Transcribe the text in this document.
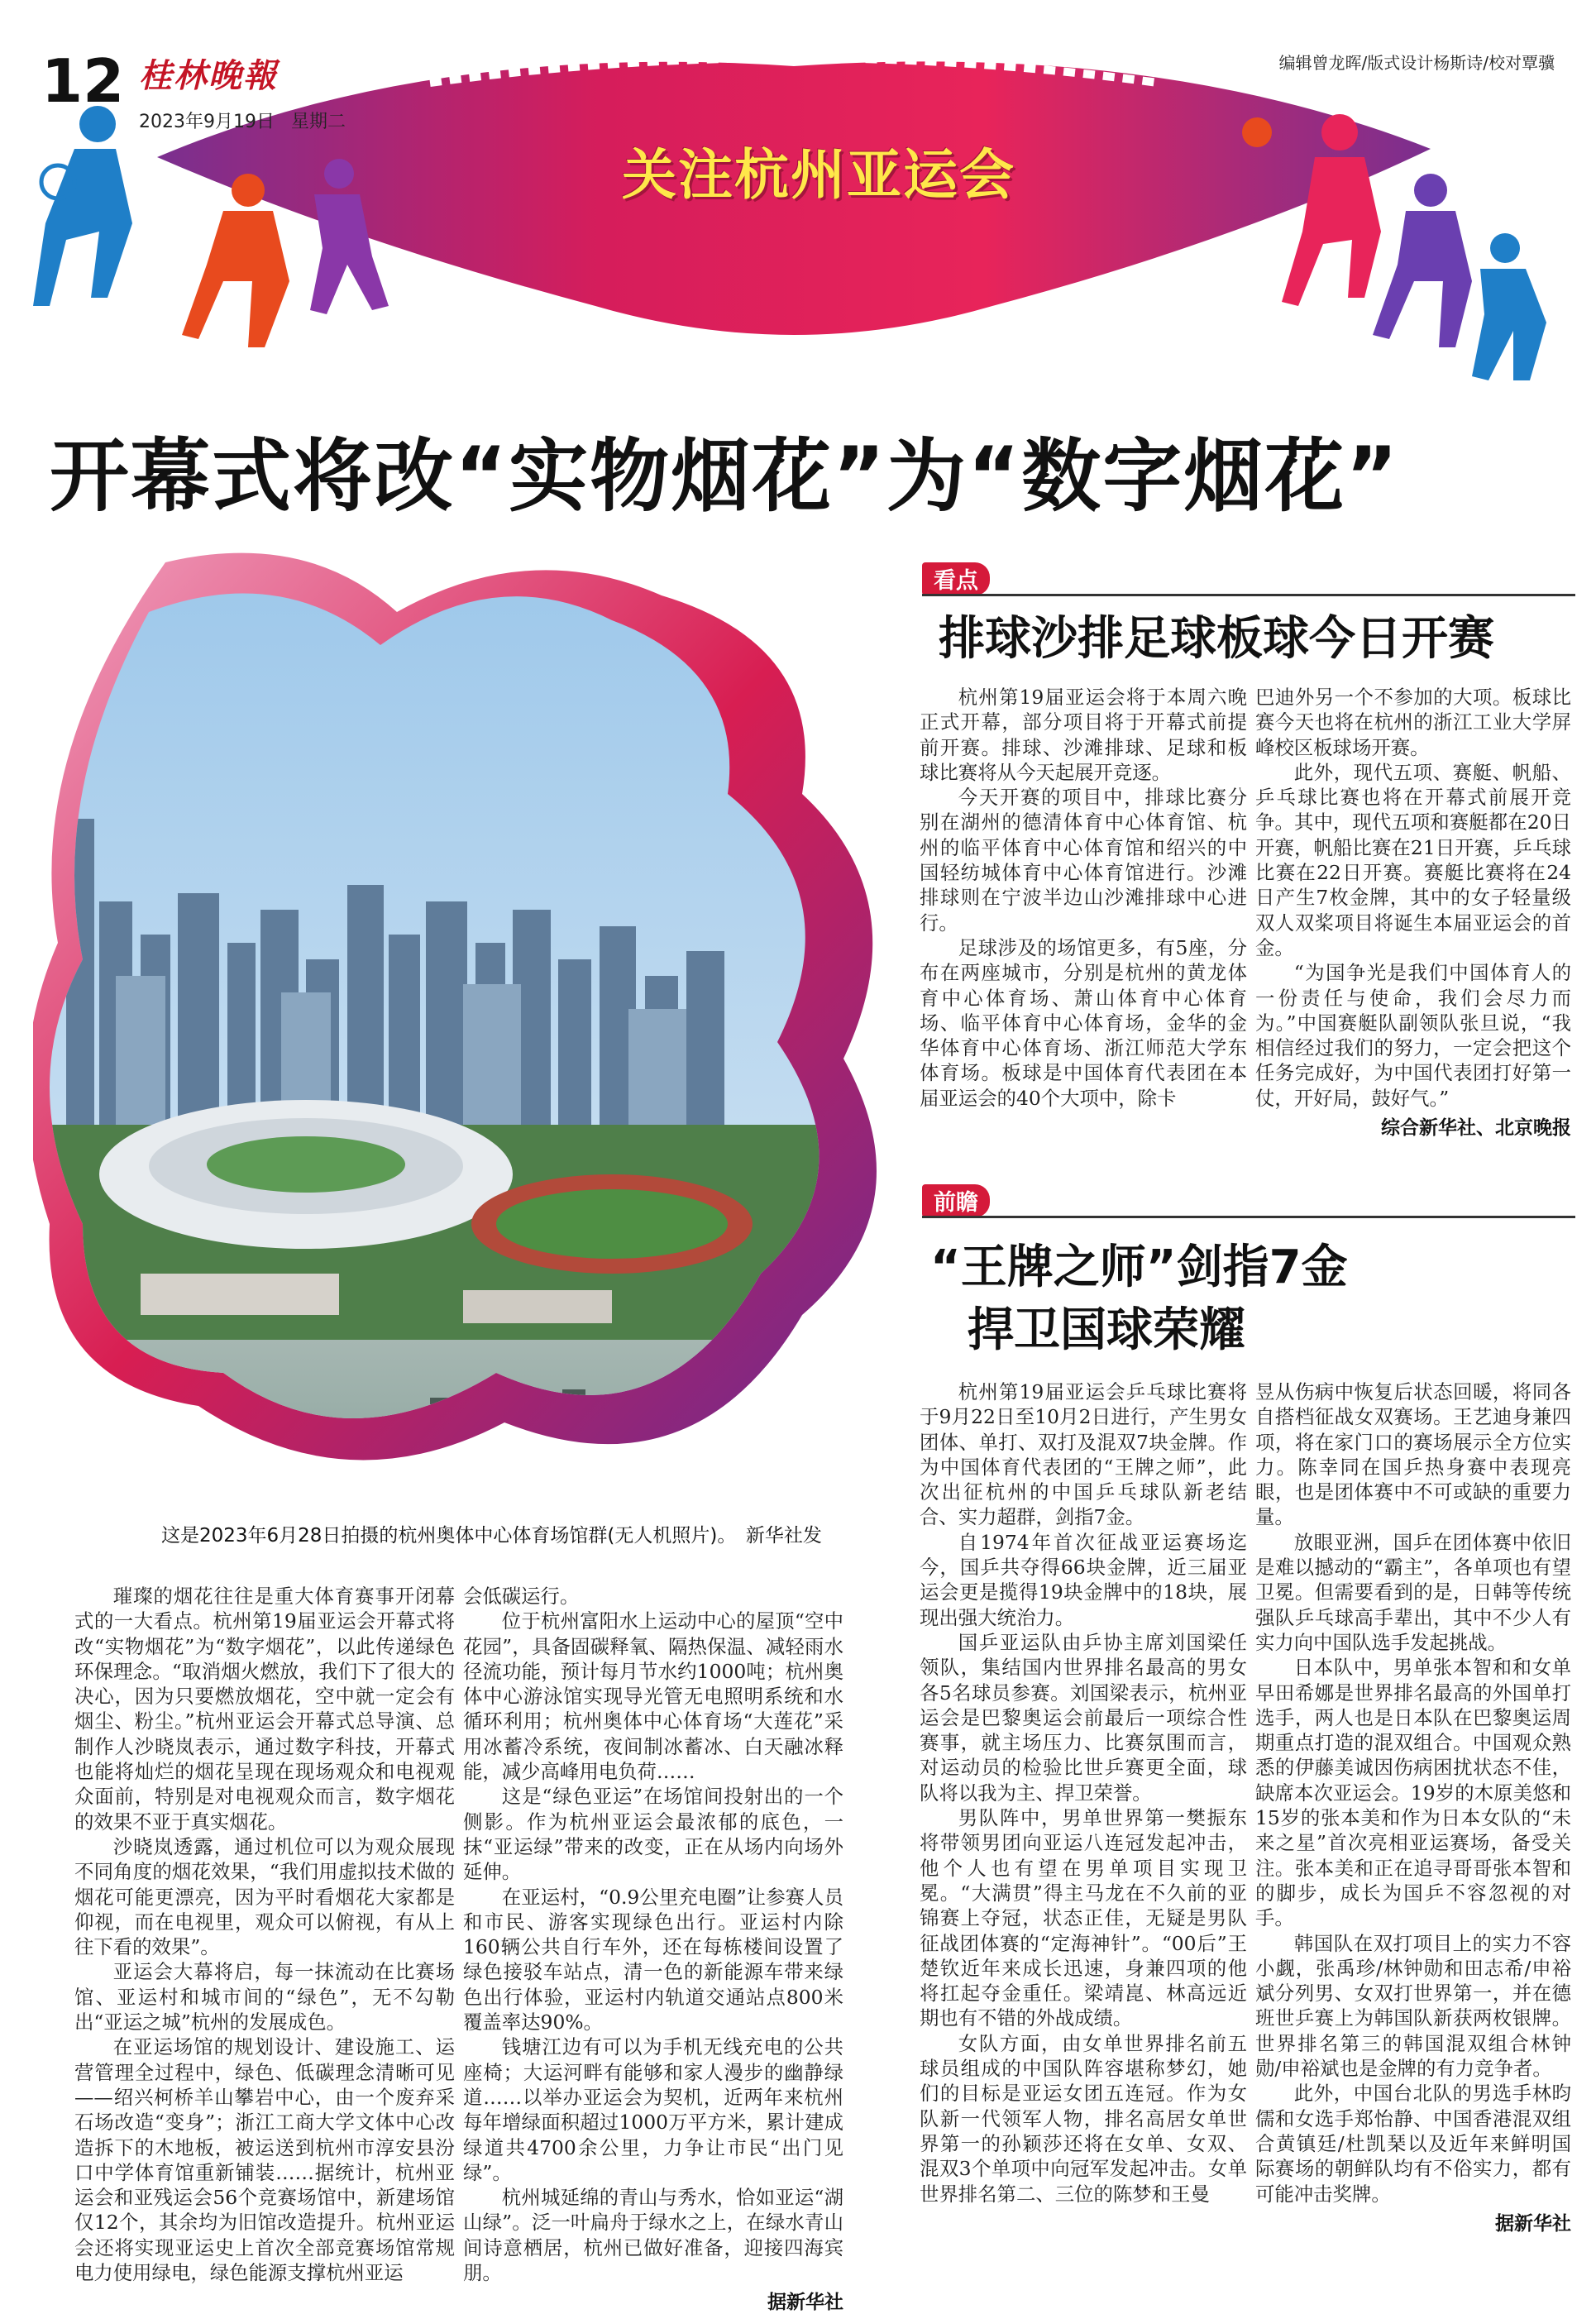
12 桂林晚報
2023年9月19日 星期二
编辑曾龙晖/版式设计杨斯诗/校对覃骥
关注杭州亚运会
开幕式将改“实物烟花”为“数字烟花”
这是2023年6月28日拍摄的杭州奥体中心体育场馆群(无人机照片)。　新华社发

璀璨的烟花往往是重大体育赛事开闭幕式的一大看点。杭州第19届亚运会开幕式将改“实物烟花”为“数字烟花”，以此传递绿色环保理念。“取消烟火燃放，我们下了很大的决心，因为只要燃放烟花，空中就一定会有烟尘、粉尘。”杭州亚运会开幕式总导演、总制作人沙晓岚表示，通过数字科技，开幕式也能将灿烂的烟花呈现在现场观众和电视观众面前，特别是对电视观众而言，数字烟花的效果不亚于真实烟花。

沙晓岚透露，通过机位可以为观众展现不同角度的烟花效果，“我们用虚拟技术做的烟花可能更漂亮，因为平时看烟花大家都是仰视，而在电视里，观众可以俯视，有从上往下看的效果”。

亚运会大幕将启，每一抹流动在比赛场馆、亚运村和城市间的“绿色”，无不勾勒出“亚运之城”杭州的发展成色。

在亚运场馆的规划设计、建设施工、运营管理全过程中，绿色、低碳理念清晰可见——绍兴柯桥羊山攀岩中心，由一个废弃采石场改造“变身”；浙江工商大学文体中心改造拆下的木地板，被运送到杭州市淳安县汾口中学体育馆重新铺装……据统计，杭州亚运会和亚残运会56个竞赛场馆中，新建场馆仅12个，其余均为旧馆改造提升。杭州亚运会还将实现亚运史上首次全部竞赛场馆常规电力使用绿电，绿色能源支撑杭州亚运

会低碳运行。

位于杭州富阳水上运动中心的屋顶“空中花园”，具备固碳释氧、隔热保温、减轻雨水径流功能，预计每月节水约1000吨；杭州奥体中心游泳馆实现导光管无电照明系统和水循环利用；杭州奥体中心体育场“大莲花”采用冰蓄冷系统，夜间制冰蓄冰、白天融冰释能，减少高峰用电负荷……

这是“绿色亚运”在场馆间投射出的一个侧影。作为杭州亚运会最浓郁的底色，一抹“亚运绿”带来的改变，正在从场内向场外延伸。

在亚运村，“0.9公里充电圈”让参赛人员和市民、游客实现绿色出行。亚运村内除160辆公共自行车外，还在每栋楼间设置了绿色接驳车站点，清一色的新能源车带来绿色出行体验，亚运村内轨道交通站点800米覆盖率达90%。

钱塘江边有可以为手机无线充电的公共座椅；大运河畔有能够和家人漫步的幽静绿道……以举办亚运会为契机，近两年来杭州每年增绿面积超过1000万平方米，累计建成绿道共4700余公里，力争让市民“出门见绿”。

杭州城延绵的青山与秀水，恰如亚运“湖山绿”。泛一叶扁舟于绿水之上，在绿水青山间诗意栖居，杭州已做好准备，迎接四海宾朋。

据新华社
看点
排球沙排足球板球今日开赛

杭州第19届亚运会将于本周六晚正式开幕，部分项目将于开幕式前提前开赛。排球、沙滩排球、足球和板球比赛将从今天起展开竞逐。

今天开赛的项目中，排球比赛分别在湖州的德清体育中心体育馆、杭州的临平体育中心体育馆和绍兴的中国轻纺城体育中心体育馆进行。沙滩排球则在宁波半边山沙滩排球中心进行。

足球涉及的场馆更多，有5座，分布在两座城市，分别是杭州的黄龙体育中心体育场、萧山体育中心体育场、临平体育中心体育场，金华的金华体育中心体育场、浙江师范大学东体育场。板球是中国体育代表团在本届亚运会的40个大项中，除卡

巴迪外另一个不参加的大项。板球比赛今天也将在杭州的浙江工业大学屏峰校区板球场开赛。

此外，现代五项、赛艇、帆船、乒乓球比赛也将在开幕式前展开竞争。其中，现代五项和赛艇都在20日开赛，帆船比赛在21日开赛，乒乓球比赛在22日开赛。赛艇比赛将在24日产生7枚金牌，其中的女子轻量级双人双桨项目将诞生本届亚运会的首金。

“为国争光是我们中国体育人的一份责任与使命，我们会尽力而为。”中国赛艇队副领队张旦说，“我相信经过我们的努力，一定会把这个任务完成好，为中国代表团打好第一仗，开好局，鼓好气。”

综合新华社、北京晚报
前瞻
“王牌之师”剑指7金
捍卫国球荣耀

杭州第19届亚运会乒乓球比赛将于9月22日至10月2日进行，产生男女团体、单打、双打及混双7块金牌。作为中国体育代表团的“王牌之师”，此次出征杭州的中国乒乓球队新老结合、实力超群，剑指7金。

自1974年首次征战亚运赛场迄今，国乒共夺得66块金牌，近三届亚运会更是揽得19块金牌中的18块，展现出强大统治力。

国乒亚运队由乒协主席刘国梁任领队，集结国内世界排名最高的男女各5名球员参赛。刘国梁表示，杭州亚运会是巴黎奥运会前最后一项综合性赛事，就主场压力、比赛氛围而言，对运动员的检验比世乒赛更全面，球队将以我为主、捍卫荣誉。

男队阵中，男单世界第一樊振东将带领男团向亚运八连冠发起冲击，他个人也有望在男单项目实现卫冕。“大满贯”得主马龙在不久前的亚锦赛上夺冠，状态正佳，无疑是男队征战团体赛的“定海神针”。“00后”王楚钦近年来成长迅速，身兼四项的他将扛起夺金重任。梁靖崑、林高远近期也有不错的外战成绩。

女队方面，由女单世界排名前五球员组成的中国队阵容堪称梦幻，她们的目标是亚运女团五连冠。作为女队新一代领军人物，排名高居女单世界第一的孙颖莎还将在女单、女双、混双3个单项中向冠军发起冲击。女单世界排名第二、三位的陈梦和王曼

昱从伤病中恢复后状态回暖，将同各自搭档征战女双赛场。王艺迪身兼四项，将在家门口的赛场展示全方位实力。陈幸同在国乒热身赛中表现亮眼，也是团体赛中不可或缺的重要力量。

放眼亚洲，国乒在团体赛中依旧是难以撼动的“霸主”，各单项也有望卫冕。但需要看到的是，日韩等传统强队乒乓球高手辈出，其中不少人有实力向中国队选手发起挑战。

日本队中，男单张本智和和女单早田希娜是世界排名最高的外国单打选手，两人也是日本队在巴黎奥运周期重点打造的混双组合。中国观众熟悉的伊藤美诚因伤病困扰状态不佳，缺席本次亚运会。19岁的木原美悠和15岁的张本美和作为日本女队的“未来之星”首次亮相亚运赛场，备受关注。张本美和正在追寻哥哥张本智和的脚步，成长为国乒不容忽视的对手。

韩国队在双打项目上的实力不容小觑，张禹珍/林钟勋和田志希/申裕斌分列男、女双打世界第一，并在德班世乒赛上为韩国队新获两枚银牌。世界排名第三的韩国混双组合林钟勋/申裕斌也是金牌的有力竞争者。

此外，中国台北队的男选手林昀儒和女选手郑怡静、中国香港混双组合黄镇廷/杜凯琹以及近年来鲜明国际赛场的朝鲜队均有不俗实力，都有可能冲击奖牌。

据新华社
